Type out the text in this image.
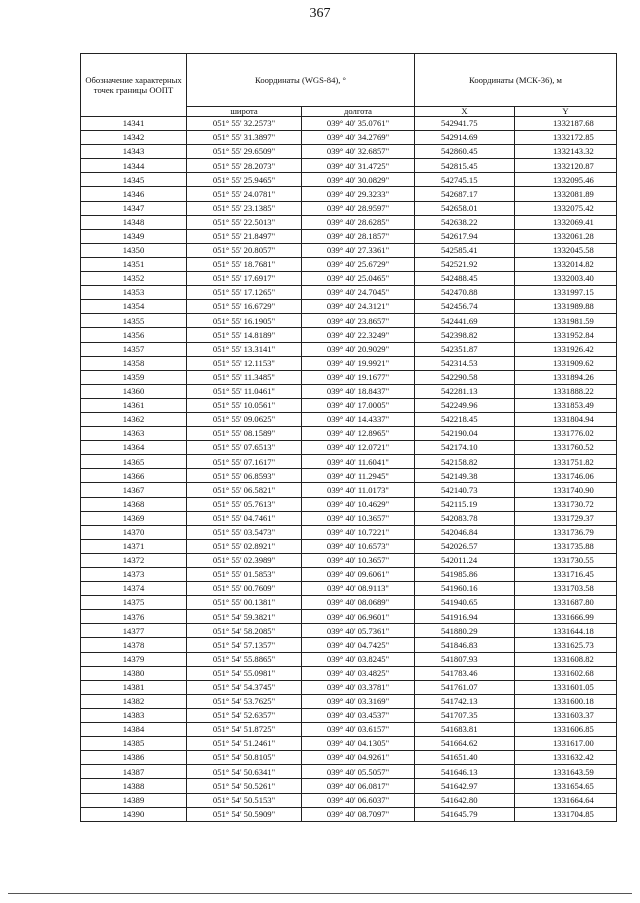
367
Обозначение характерных точек границы ООПТ	Координаты (WGS-84), °		Координаты (МСК-36), м	
	широта	долгота	X	Y
14341	051° 55' 32.2573"	039° 40' 35.0761"	542941.75	1332187.68
14342	051° 55' 31.3897"	039° 40' 34.2769"	542914.69	1332172.85
14343	051° 55' 29.6509"	039° 40' 32.6857"	542860.45	1332143.32
14344	051° 55' 28.2073"	039° 40' 31.4725"	542815.45	1332120.87
14345	051° 55' 25.9465"	039° 40' 30.0829"	542745.15	1332095.46
14346	051° 55' 24.0781"	039° 40' 29.3233"	542687.17	1332081.89
14347	051° 55' 23.1385"	039° 40' 28.9597"	542658.01	1332075.42
14348	051° 55' 22.5013"	039° 40' 28.6285"	542638.22	1332069.41
14349	051° 55' 21.8497"	039° 40' 28.1857"	542617.94	1332061.28
14350	051° 55' 20.8057"	039° 40' 27.3361"	542585.41	1332045.58
14351	051° 55' 18.7681"	039° 40' 25.6729"	542521.92	1332014.82
14352	051° 55' 17.6917"	039° 40' 25.0465"	542488.45	1332003.40
14353	051° 55' 17.1265"	039° 40' 24.7045"	542470.88	1331997.15
14354	051° 55' 16.6729"	039° 40' 24.3121"	542456.74	1331989.88
14355	051° 55' 16.1905"	039° 40' 23.8657"	542441.69	1331981.59
14356	051° 55' 14.8189"	039° 40' 22.3249"	542398.82	1331952.84
14357	051° 55' 13.3141"	039° 40' 20.9029"	542351.87	1331926.42
14358	051° 55' 12.1153"	039° 40' 19.9921"	542314.53	1331909.62
14359	051° 55' 11.3485"	039° 40' 19.1677"	542290.58	1331894.26
14360	051° 55' 11.0461"	039° 40' 18.8437"	542281.13	1331888.22
14361	051° 55' 10.0561"	039° 40' 17.0005"	542249.96	1331853.49
14362	051° 55' 09.0625"	039° 40' 14.4337"	542218.45	1331804.94
14363	051° 55' 08.1589"	039° 40' 12.8965"	542190.04	1331776.02
14364	051° 55' 07.6513"	039° 40' 12.0721"	542174.10	1331760.52
14365	051° 55' 07.1617"	039° 40' 11.6041"	542158.82	1331751.82
14366	051° 55' 06.8593"	039° 40' 11.2945"	542149.38	1331746.06
14367	051° 55' 06.5821"	039° 40' 11.0173"	542140.73	1331740.90
14368	051° 55' 05.7613"	039° 40' 10.4629"	542115.19	1331730.72
14369	051° 55' 04.7461"	039° 40' 10.3657"	542083.78	1331729.37
14370	051° 55' 03.5473"	039° 40' 10.7221"	542046.84	1331736.79
14371	051° 55' 02.8921"	039° 40' 10.6573"	542026.57	1331735.88
14372	051° 55' 02.3989"	039° 40' 10.3657"	542011.24	1331730.55
14373	051° 55' 01.5853"	039° 40' 09.6061"	541985.86	1331716.45
14374	051° 55' 00.7609"	039° 40' 08.9113"	541960.16	1331703.58
14375	051° 55' 00.1381"	039° 40' 08.0689"	541940.65	1331687.80
14376	051° 54' 59.3821"	039° 40' 06.9601"	541916.94	1331666.99
14377	051° 54' 58.2085"	039° 40' 05.7361"	541880.29	1331644.18
14378	051° 54' 57.1357"	039° 40' 04.7425"	541846.83	1331625.73
14379	051° 54' 55.8865"	039° 40' 03.8245"	541807.93	1331608.82
14380	051° 54' 55.0981"	039° 40' 03.4825"	541783.46	1331602.68
14381	051° 54' 54.3745"	039° 40' 03.3781"	541761.07	1331601.05
14382	051° 54' 53.7625"	039° 40' 03.3169"	541742.13	1331600.18
14383	051° 54' 52.6357"	039° 40' 03.4537"	541707.35	1331603.37
14384	051° 54' 51.8725"	039° 40' 03.6157"	541683.81	1331606.85
14385	051° 54' 51.2461"	039° 40' 04.1305"	541664.62	1331617.00
14386	051° 54' 50.8105"	039° 40' 04.9261"	541651.40	1331632.42
14387	051° 54' 50.6341"	039° 40' 05.5057"	541646.13	1331643.59
14388	051° 54' 50.5261"	039° 40' 06.0817"	541642.97	1331654.65
14389	051° 54' 50.5153"	039° 40' 06.6037"	541642.80	1331664.64
14390	051° 54' 50.5909"	039° 40' 08.7097"	541645.79	1331704.85
